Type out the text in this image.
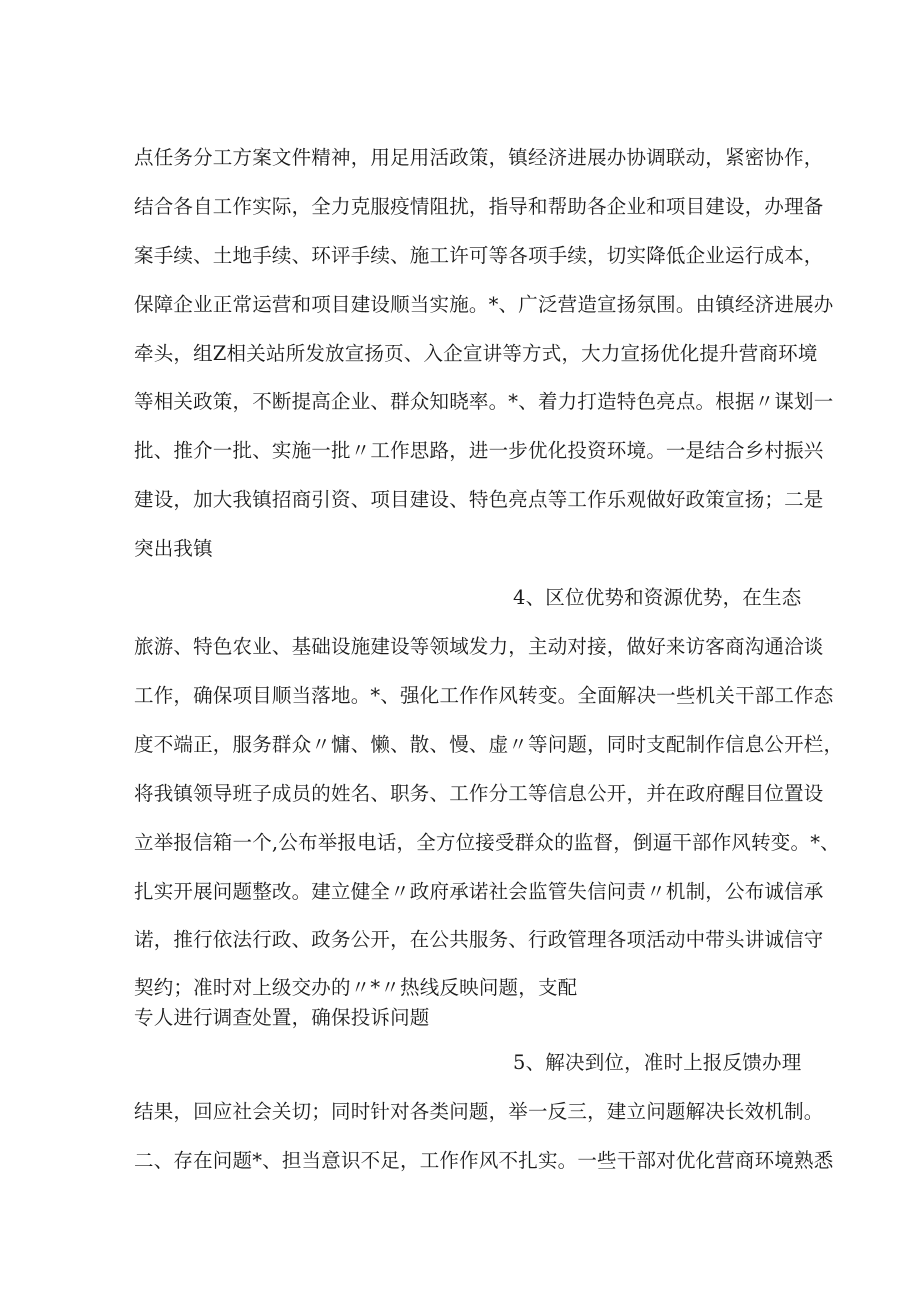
点任务分工方案文件精神，用足用活政策，镇经济进展办协调联动，紧密协作，
结合各自工作实际，全力克服疫情阻扰，指导和帮助各企业和项目建设，办理备
案手续、土地手续、环评手续、施工许可等各项手续，切实降低企业运行成本，
保障企业正常运营和项目建设顺当实施。*、广泛营造宣扬氛围。由镇经济进展办
牵头，组Z相关站所发放宣扬页、入企宣讲等方式，大力宣扬优化提升营商环境
等相关政策，不断提高企业、群众知晓率。*、着力打造特色亮点。根据〃谋划一
批、推介一批、实施一批〃工作思路，进一步优化投资环境。一是结合乡村振兴
建设，加大我镇招商引资、项目建设、特色亮点等工作乐观做好政策宣扬；二是
突出我镇
4、区位优势和资源优势，在生态
旅游、特色农业、基础设施建设等领域发力，主动对接，做好来访客商沟通洽谈
工作，确保项目顺当落地。*、强化工作作风转变。全面解决一些机关干部工作态
度不端正，服务群众〃慵、懒、散、慢、虚〃等问题，同时支配制作信息公开栏，
将我镇领导班子成员的姓名、职务、工作分工等信息公开，并在政府醒目位置设
立举报信箱一个,公布举报电话，全方位接受群众的监督，倒逼干部作风转变。*、
扎实开展问题整改。建立健全〃政府承诺社会监管失信问责〃机制，公布诚信承
诺，推行依法行政、政务公开，在公共服务、行政管理各项活动中带头讲诚信守
契约；准时对上级交办的〃*〃热线反映问题，支配
专人进行调查处置，确保投诉问题
5、解决到位，准时上报反馈办理
结果，回应社会关切；同时针对各类问题，举一反三，建立问题解决长效机制。
二、存在问题*、担当意识不足，工作作风不扎实。一些干部对优化营商环境熟悉
